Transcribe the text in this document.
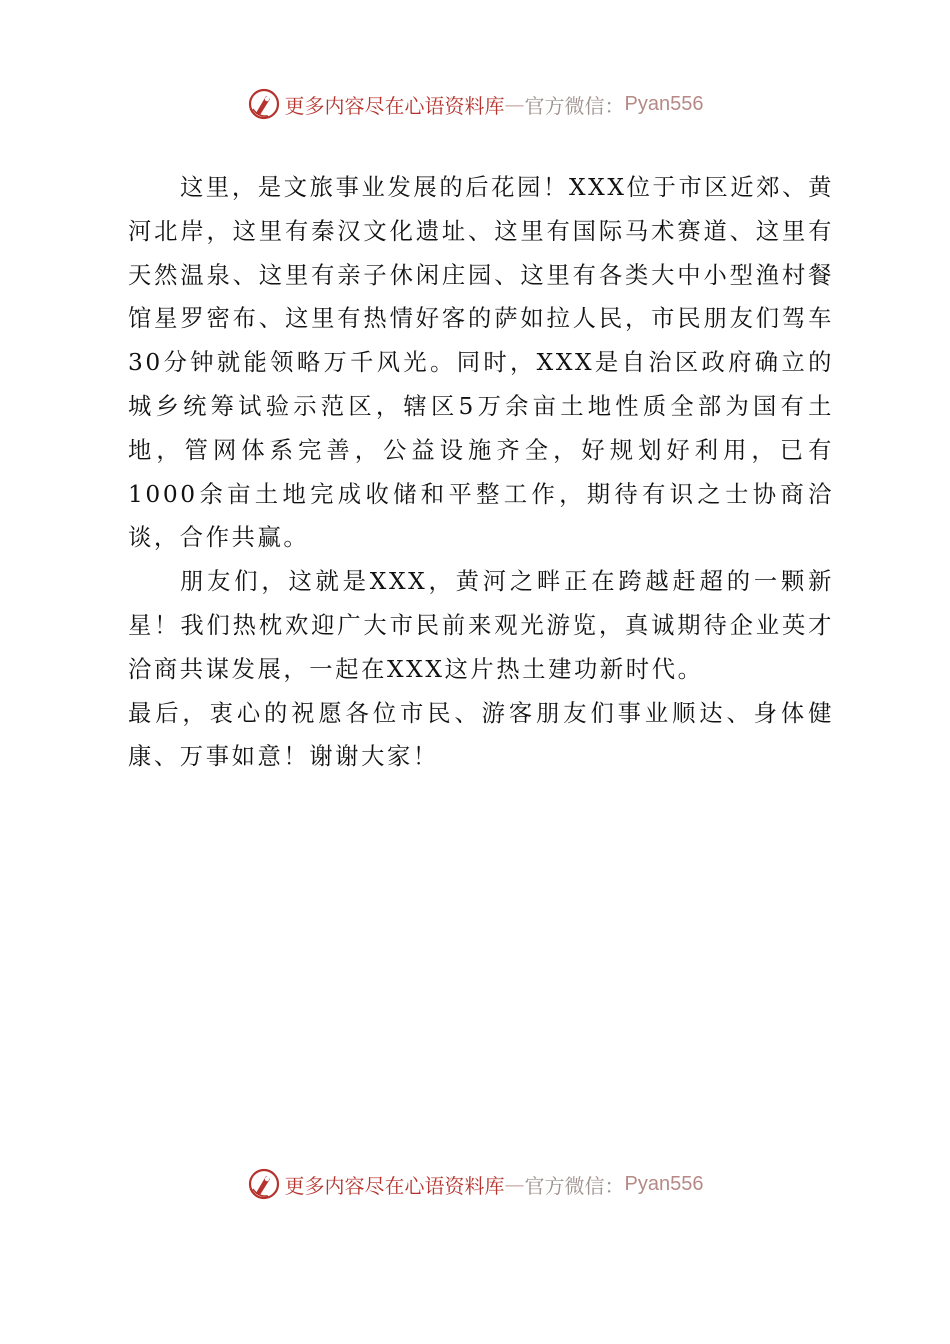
更多内容尽在心语资料库 — 官方微信： Pyan556

这里，是文旅事业发展的后花园！XXX位于市区近郊、黄河北岸，这里有秦汉文化遗址、这里有国际马术赛道、这里有天然温泉、这里有亲子休闲庄园、这里有各类大中小型渔村餐馆星罗密布、这里有热情好客的萨如拉人民，市民朋友们驾车30分钟就能领略万千风光。同时，XXX是自治区政府确立的城乡统筹试验示范区，辖区5万余亩土地性质全部为国有土地，管网体系完善，公益设施齐全，好规划好利用，已有1000余亩土地完成收储和平整工作，期待有识之士协商洽谈，合作共赢。

朋友们，这就是XXX，黄河之畔正在跨越赶超的一颗新星！我们热枕欢迎广大市民前来观光游览，真诚期待企业英才洽商共谋发展，一起在XXX这片热土建功新时代。

最后，衷心的祝愿各位市民、游客朋友们事业顺达、身体健康、万事如意！谢谢大家！

更多内容尽在心语资料库 — 官方微信： Pyan556
